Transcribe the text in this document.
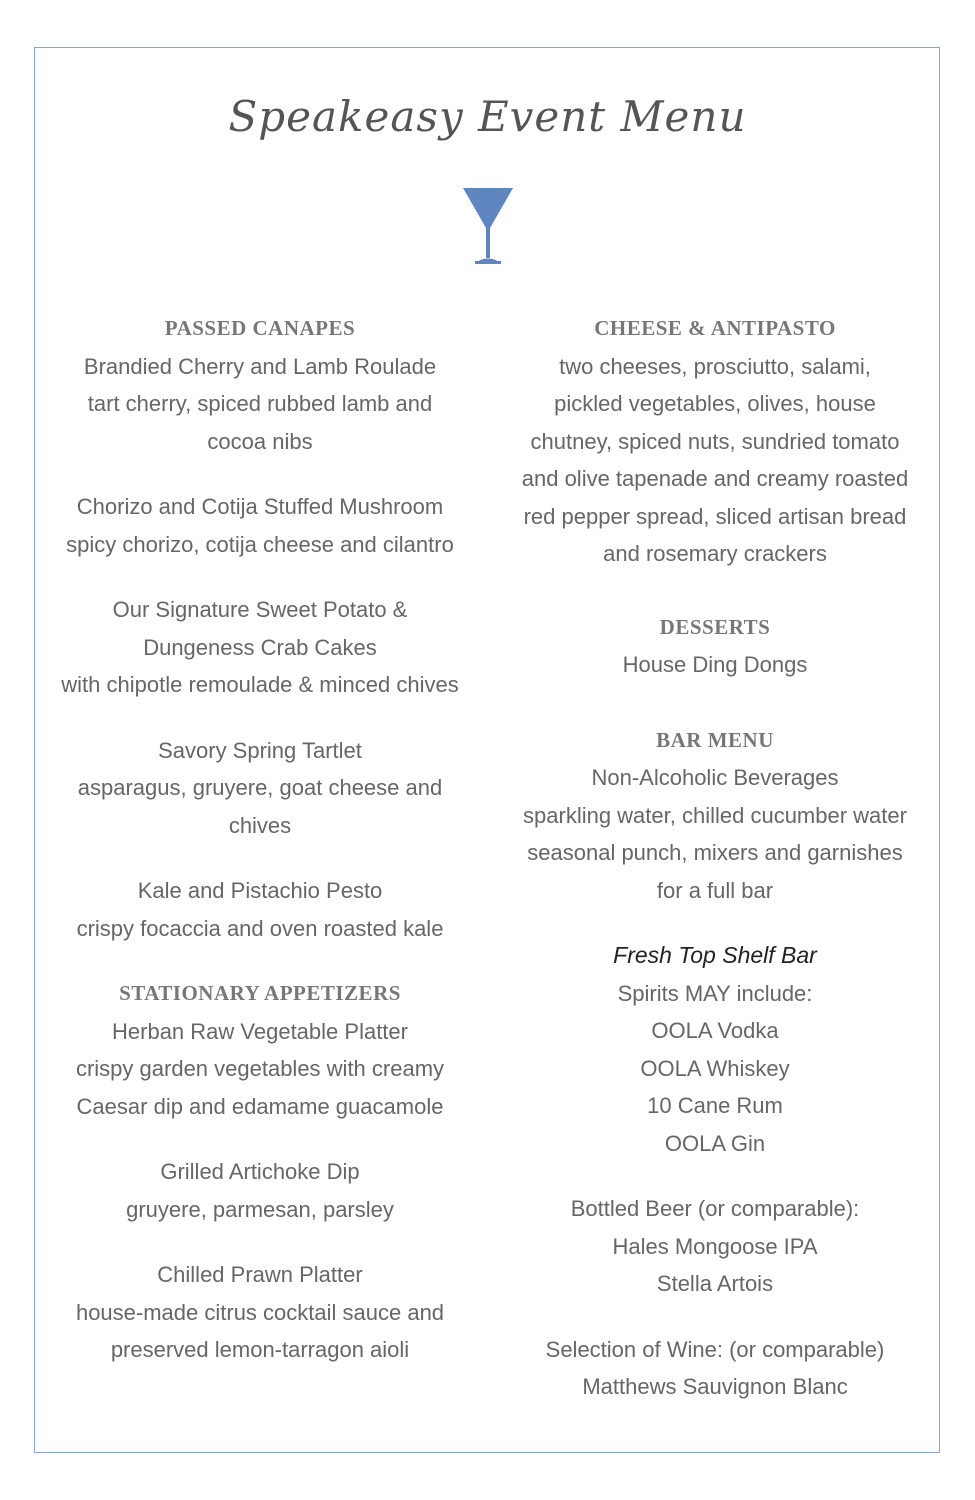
Speakeasy Event Menu
PASSED CANAPES
Brandied Cherry and Lamb Roulade
tart cherry, spiced rubbed lamb and
cocoa nibs
Chorizo and Cotija Stuffed Mushroom
spicy chorizo, cotija cheese and cilantro
Our Signature Sweet Potato &
Dungeness Crab Cakes
with chipotle remoulade & minced chives
Savory Spring Tartlet
asparagus, gruyere, goat cheese and
chives
Kale and Pistachio Pesto
crispy focaccia and oven roasted kale
STATIONARY APPETIZERS
Herban Raw Vegetable Platter
crispy garden vegetables with creamy
Caesar dip and edamame guacamole
Grilled Artichoke Dip
gruyere, parmesan, parsley
Chilled Prawn Platter
house-made citrus cocktail sauce and
preserved lemon-tarragon aioli
CHEESE & ANTIPASTO
two cheeses, prosciutto, salami,
pickled vegetables, olives, house
chutney, spiced nuts, sundried tomato
and olive tapenade and creamy roasted
red pepper spread, sliced artisan bread
and rosemary crackers
DESSERTS
House Ding Dongs
BAR MENU
Non-Alcoholic Beverages
sparkling water, chilled cucumber water
seasonal punch, mixers and garnishes
for a full bar
Fresh Top Shelf Bar
Spirits MAY include:
OOLA Vodka
OOLA Whiskey
10 Cane Rum
OOLA Gin
Bottled Beer (or comparable):
Hales Mongoose IPA
Stella Artois
Selection of Wine: (or comparable)
Matthews Sauvignon Blanc
